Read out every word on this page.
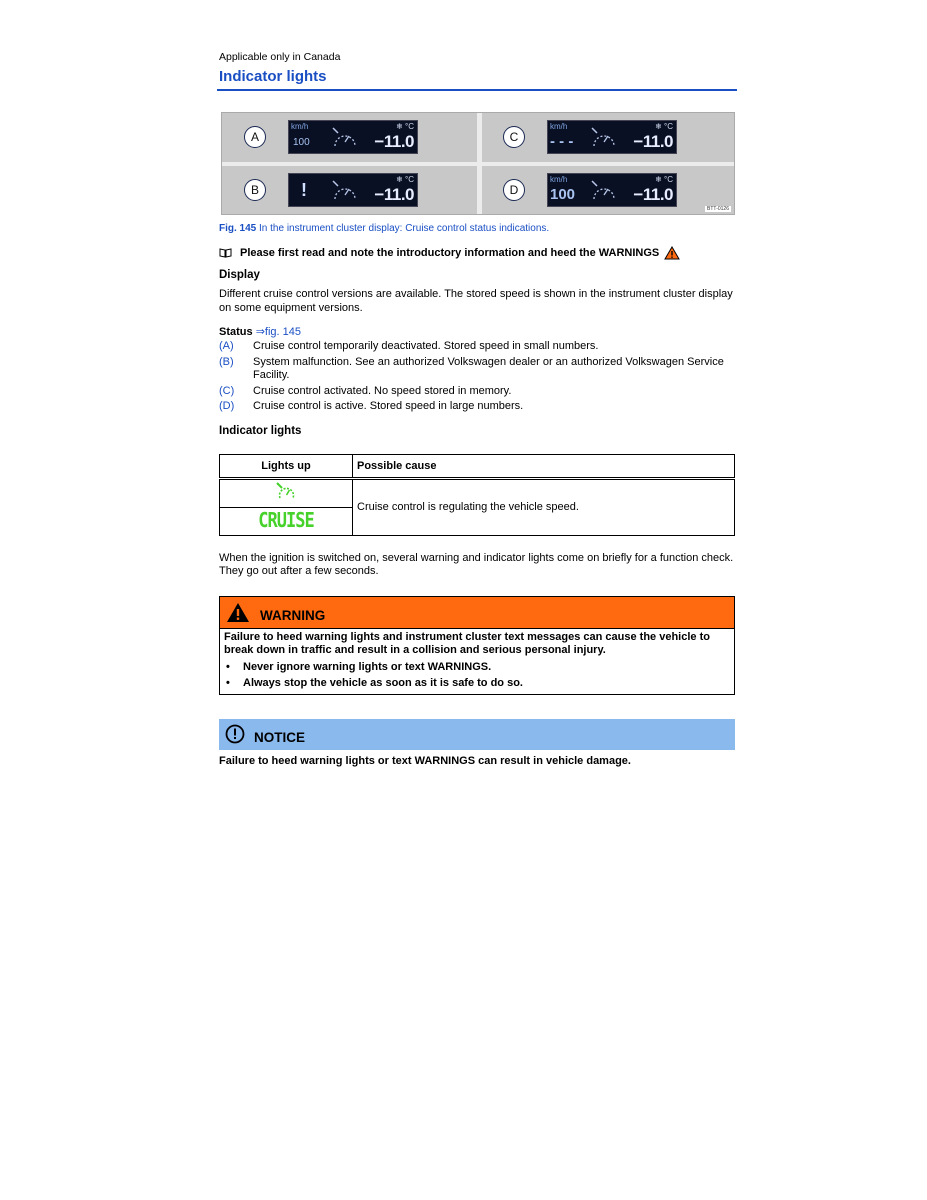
Applicable only in Canada

Indicator lights
A
km/h
100
❄ °C
−11.0	C
km/h
- - -
❄ °C
−11.0
B	!
❄ °C
−11.0	D
km/h
100
❄ °C
−11.0
BTT-0126
Fig. 145 In the instrument cluster display: Cruise control status indications.
Please first read and note the introductory information and heed the WARNINGS
Display

Different cruise control versions are available. The stored speed is shown in the instrument cluster display on some equipment versions.

Status ⇒fig. 145
(A)	Cruise control temporarily deactivated. Stored speed in small numbers.
(B)	System malfunction. See an authorized Volkswagen dealer or an authorized Volkswagen Service Facility.
(C)	Cruise control activated. No speed stored in memory.
(D)	Cruise control is active. Stored speed in large numbers.
Indicator lights
Lights up	Possible cause
	Cruise control is regulating the vehicle speed.
CRUISE	

When the ignition is switched on, several warning and indicator lights come on briefly for a function check. They go out after a few seconds.

WARNING
Failure to heed warning lights and instrument cluster text messages can cause the vehicle to break down in traffic and result in a collision and serious personal injury.
•	Never ignore warning lights or text WARNINGS.
•	Always stop the vehicle as soon as it is safe to do so.
NOTICE

Failure to heed warning lights or text WARNINGS can result in vehicle damage.
